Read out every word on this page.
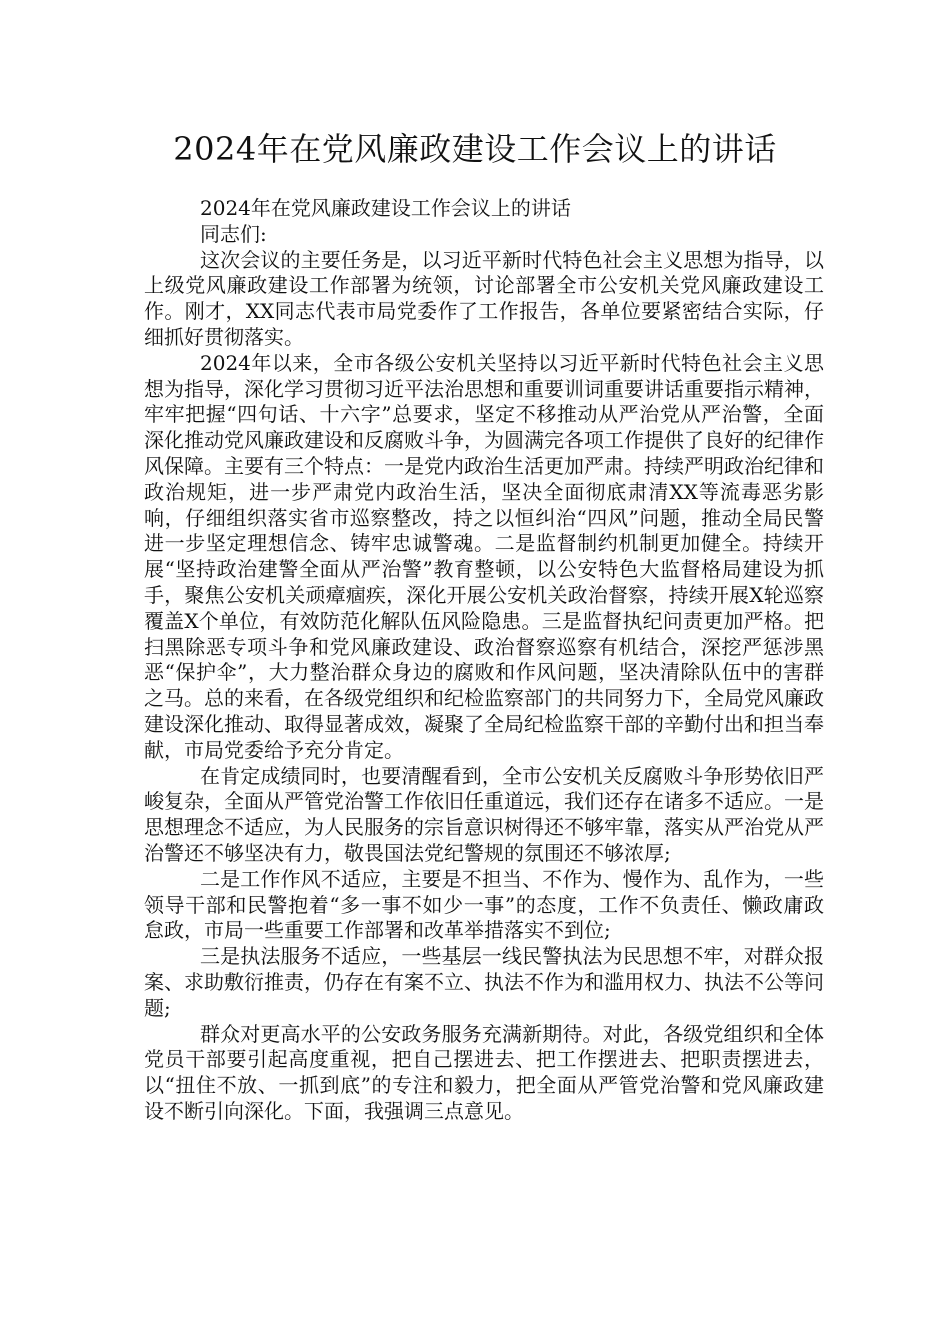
2024年在党风廉政建设工作会议上的讲话

2024年在党风廉政建设工作会议上的讲话

同志们:

这次会议的主要任务是，以习近平新时代特色社会主义思想为指导，以上级党风廉政建设工作部署为统领，讨论部署全市公安机关党风廉政建设工作。刚才，XX同志代表市局党委作了工作报告，各单位要紧密结合实际，仔细抓好贯彻落实。

2024年以来，全市各级公安机关坚持以习近平新时代特色社会主义思想为指导，深化学习贯彻习近平法治思想和重要训词重要讲话重要指示精神，牢牢把握“四句话、十六字”总要求，坚定不移推动从严治党从严治警，全面深化推动党风廉政建设和反腐败斗争，为圆满完各项工作提供了良好的纪律作风保障。主要有三个特点：一是党内政治生活更加严肃。持续严明政治纪律和政治规矩，进一步严肃党内政治生活，坚决全面彻底肃清XX等流毒恶劣影响，仔细组织落实省市巡察整改，持之以恒纠治“四风”问题，推动全局民警进一步坚定理想信念、铸牢忠诚警魂。二是监督制约机制更加健全。持续开展“坚持政治建警全面从严治警”教育整顿，以公安特色大监督格局建设为抓手，聚焦公安机关顽瘴痼疾，深化开展公安机关政治督察，持续开展X轮巡察覆盖X个单位，有效防范化解队伍风险隐患。三是监督执纪问责更加严格。把扫黑除恶专项斗争和党风廉政建设、政治督察巡察有机结合，深挖严惩涉黑恶“保护伞”，大力整治群众身边的腐败和作风问题，坚决清除队伍中的害群之马。总的来看，在各级党组织和纪检监察部门的共同努力下，全局党风廉政建设深化推动、取得显著成效，凝聚了全局纪检监察干部的辛勤付出和担当奉献，市局党委给予充分肯定。

在肯定成绩同时，也要清醒看到，全市公安机关反腐败斗争形势依旧严峻复杂，全面从严管党治警工作依旧任重道远，我们还存在诸多不适应。一是思想理念不适应，为人民服务的宗旨意识树得还不够牢靠，落实从严治党从严治警还不够坚决有力，敬畏国法党纪警规的氛围还不够浓厚;

二是工作作风不适应，主要是不担当、不作为、慢作为、乱作为，一些领导干部和民警抱着“多一事不如少一事”的态度，工作不负责任、懒政庸政怠政，市局一些重要工作部署和改革举措落实不到位;

三是执法服务不适应，一些基层一线民警执法为民思想不牢，对群众报案、求助敷衍推责，仍存在有案不立、执法不作为和滥用权力、执法不公等问题;

群众对更高水平的公安政务服务充满新期待。对此，各级党组织和全体党员干部要引起高度重视，把自己摆进去、把工作摆进去、把职责摆进去，以“扭住不放、一抓到底”的专注和毅力，把全面从严管党治警和党风廉政建设不断引向深化。下面，我强调三点意见。
